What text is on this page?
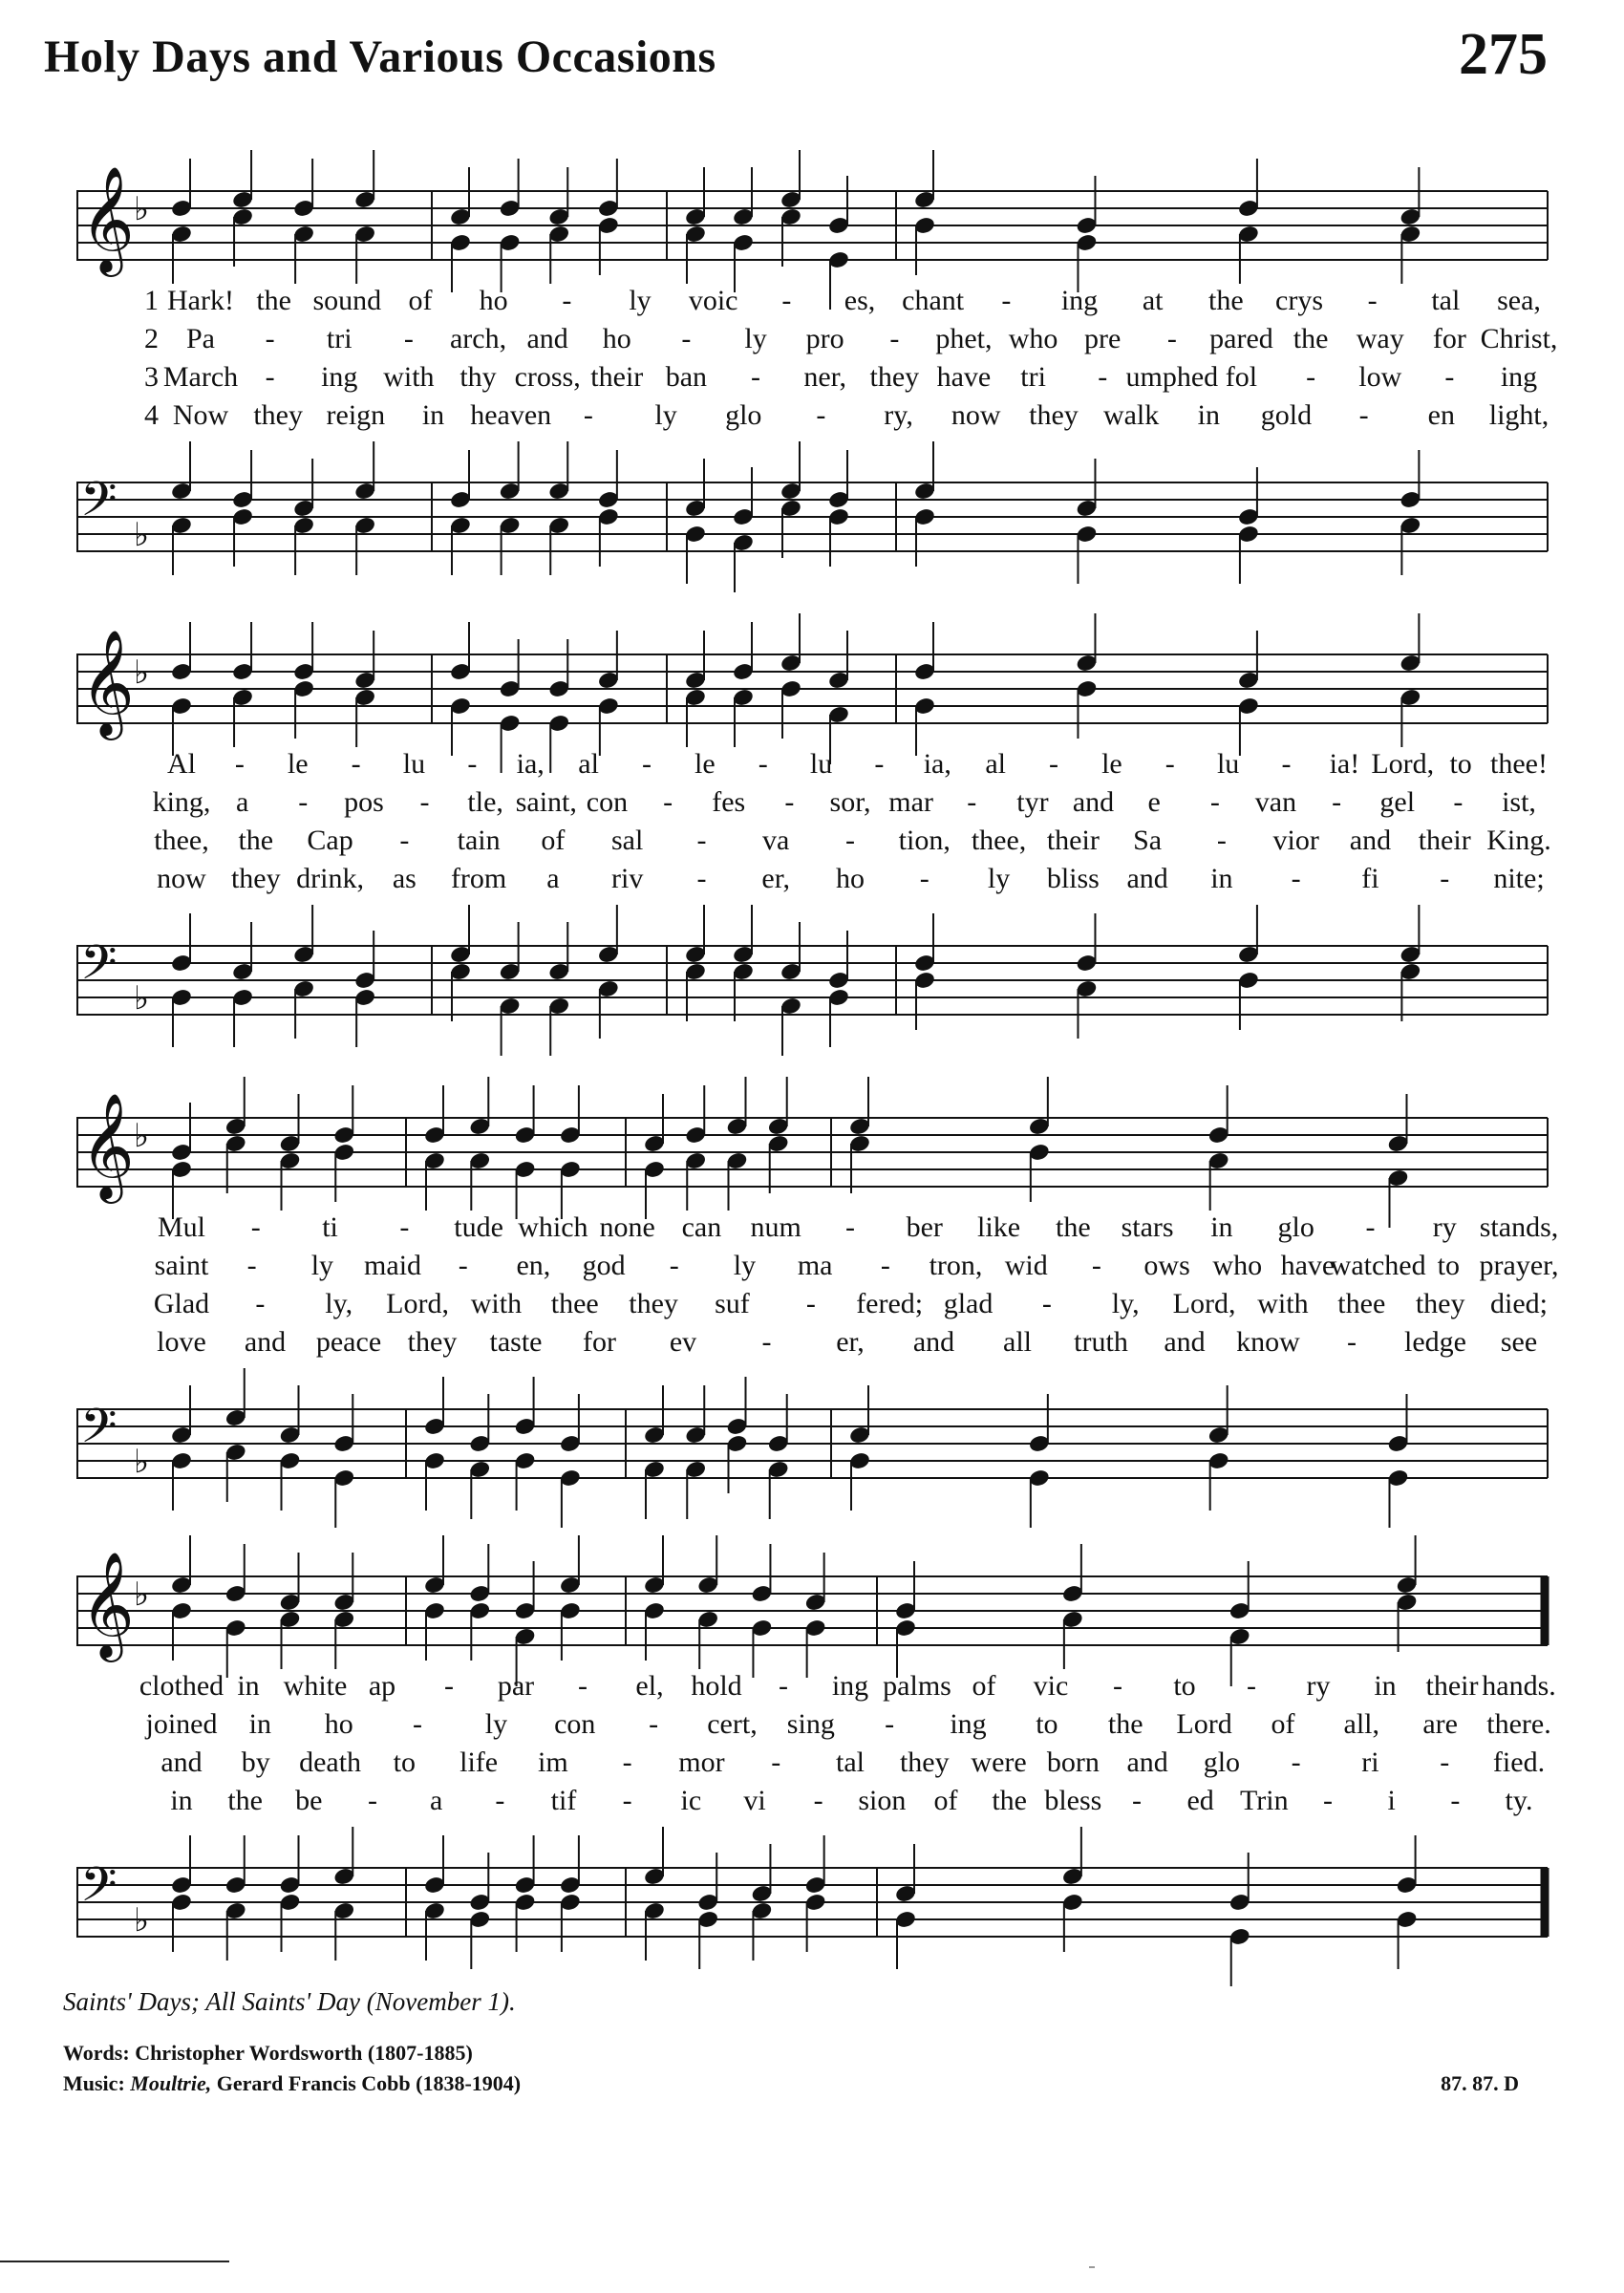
Holy Days and Various Occasions	275
𝄞 ♭
1 Hark! the sound of ho - ly voic - es, chant - ing at the crys - tal sea,
2 Pa - tri - arch, and ho - ly pro - phet, who pre - pared the way for Christ,
3 March - ing with thy cross, their ban - ner, they have tri - umphed fol - low - ing
4 Now they reign in heaven - ly glo - ry, now they walk in gold - en light,
𝄢 ♭
𝄞 ♭
Al - le - lu - ia, al - le - lu - ia, al - le - lu - ia! Lord, to thee!
king, a - pos - tle, saint, con - fes - sor, mar - tyr and e - van - gel - ist,
thee, the Cap - tain of sal - va - tion, thee, their Sa - vior and their King.
now they drink, as from a riv - er, ho - ly bliss and in - fi - nite;
𝄢 ♭
𝄞 ♭
Mul - ti - tude which none can num - ber like the stars in glo - ry stands,
saint - ly maid - en, god - ly ma - tron, wid - ows who have
watched to prayer,
Glad - ly, Lord, with thee they suf - fered; glad - ly, Lord, with thee they died;
love and peace they taste for ev - er, and all truth and know - ledge see
𝄢 ♭
𝄞 ♭
clothed in white ap - par - el, hold - ing palms of vic - to - ry in their hands.
joined in ho - ly con - cert, sing - ing to the Lord of all, are there.
and by death to life im - mor - tal they were born and glo - ri - fied.
in the be - a - tif - ic vi - sion of the bless - ed Trin - i - ty.
𝄢 ♭
Saints' Days; All Saints' Day (November 1).
Words: Christopher Wordsworth (1807-1885)
Music: Moultrie, Gerard Francis Cobb (1838-1904)	87. 87. D
